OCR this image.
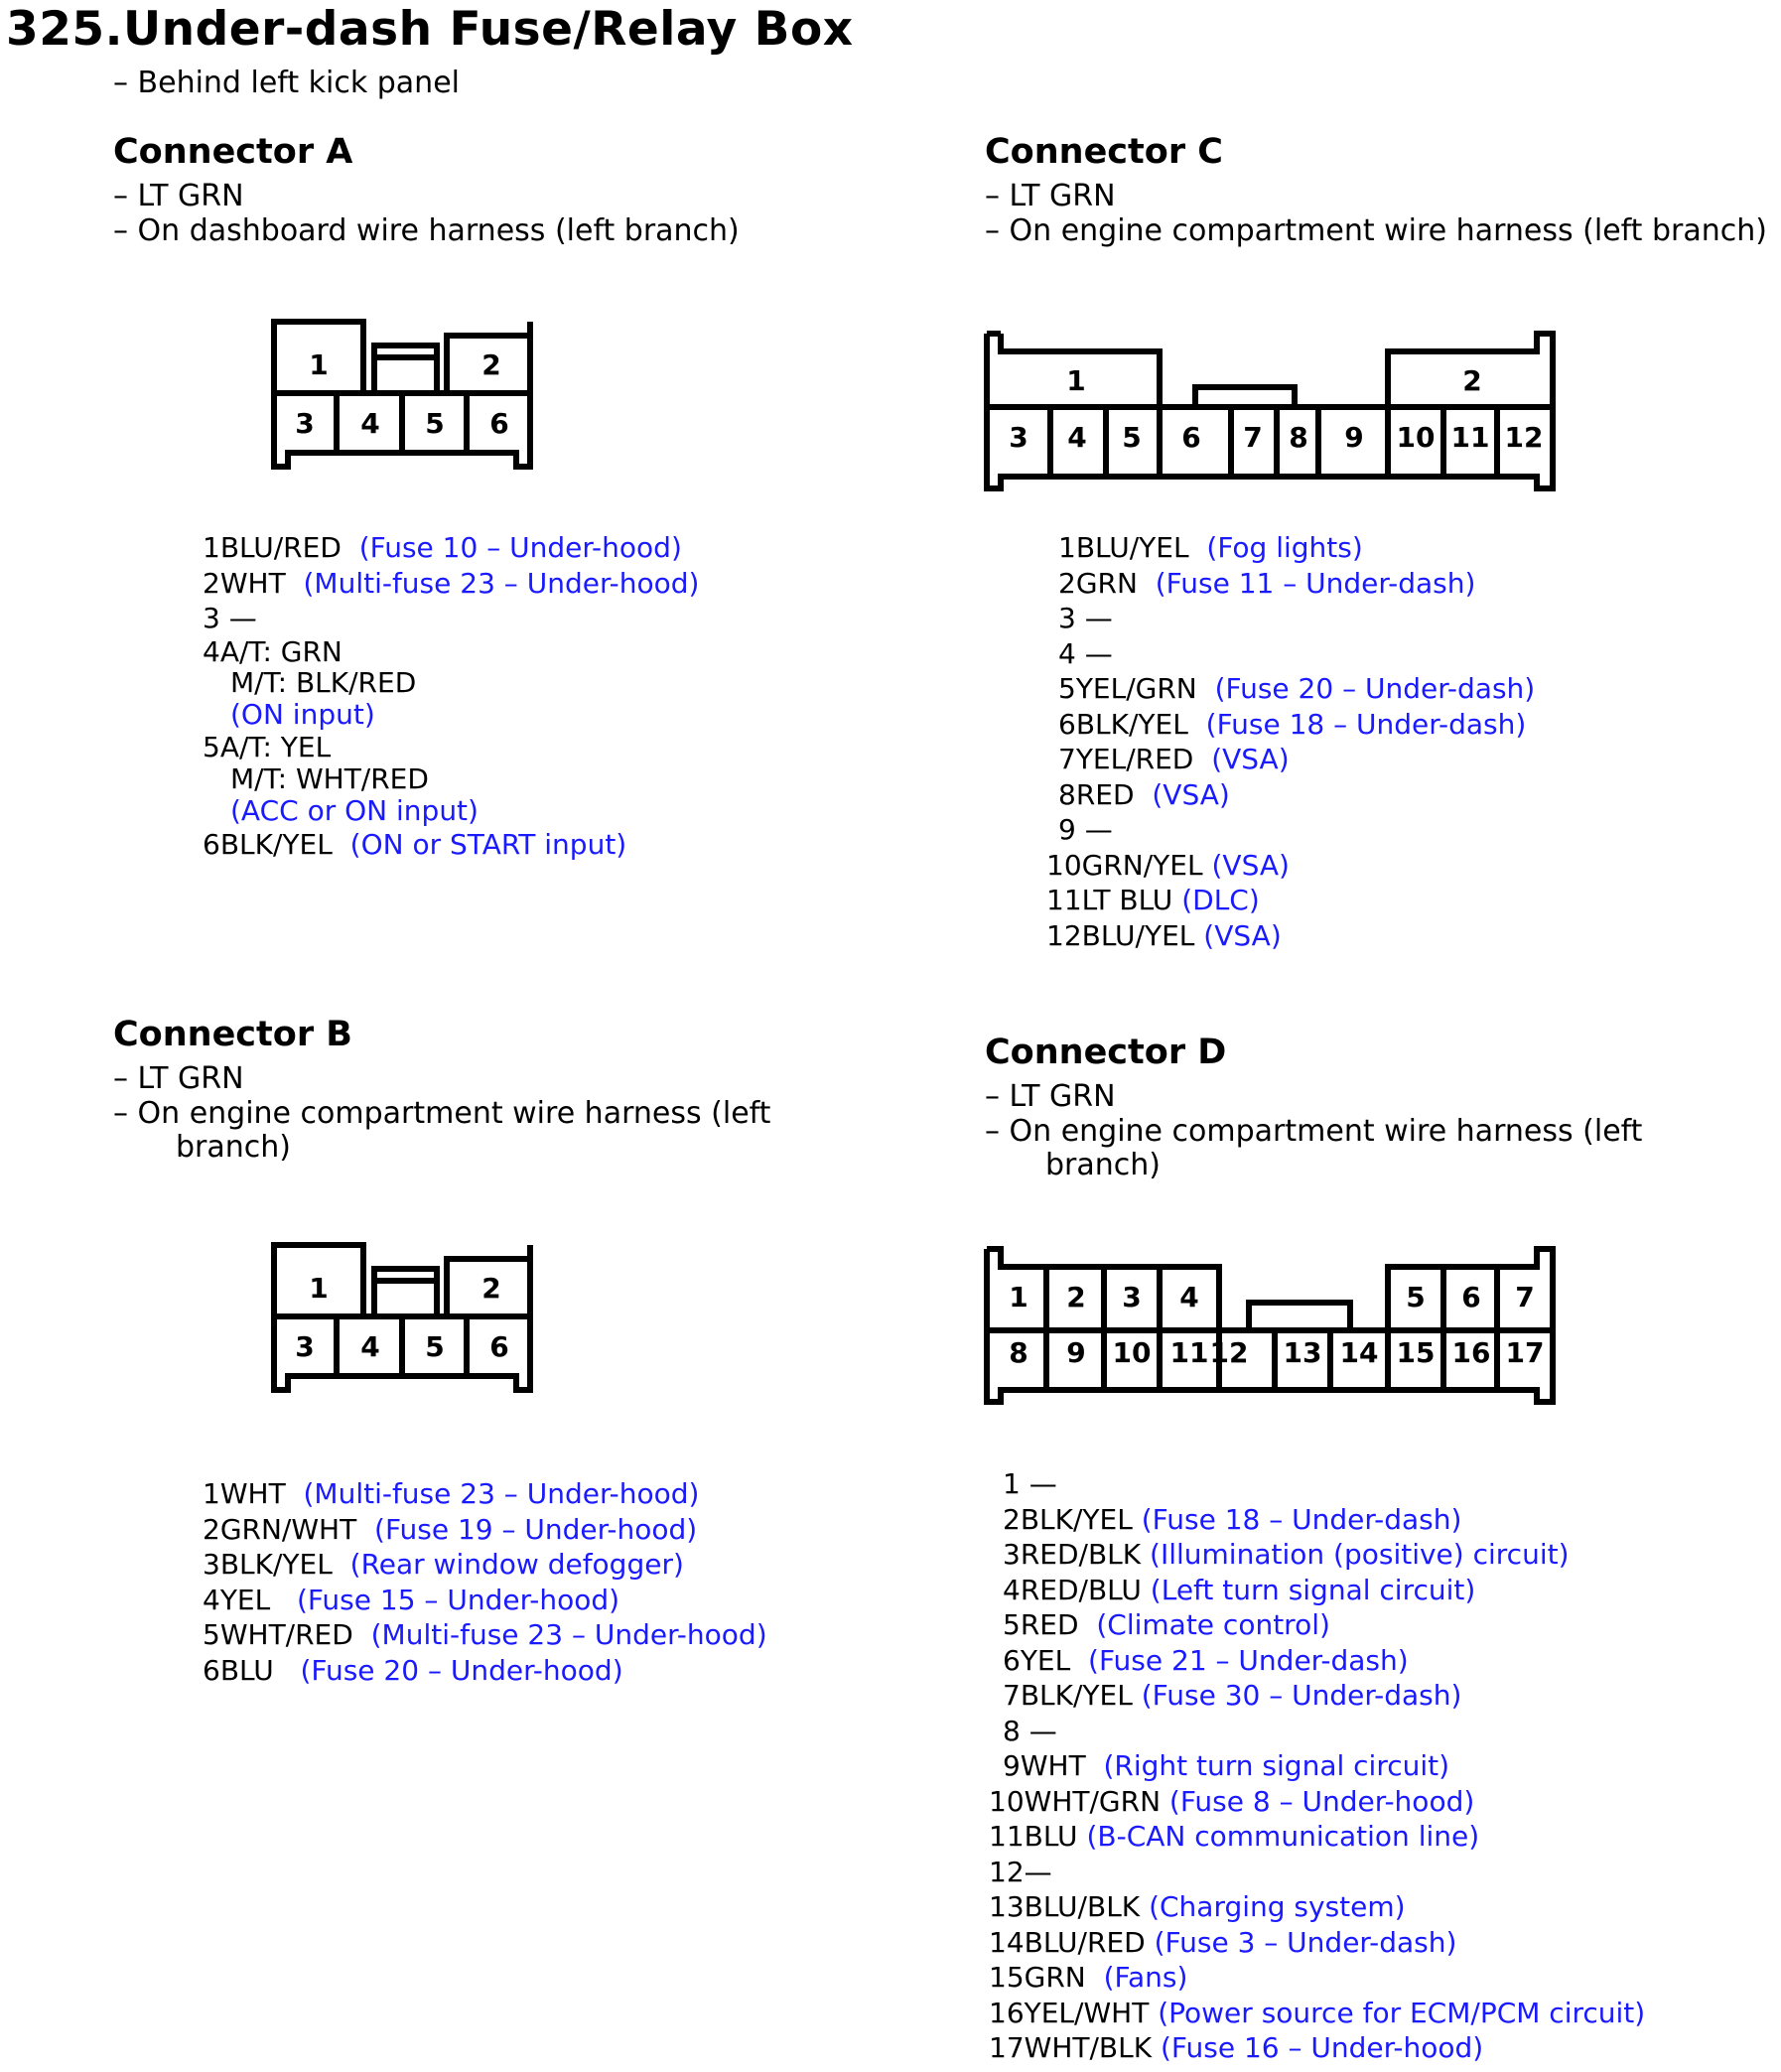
325.Under-dash Fuse/Relay Box
– Behind left kick panel
Connector A
– LT GRN
– On dashboard wire harness (left branch)
1	2
3 4 5 6
1BLU/RED (Fuse 10 – Under-hood)
2WHT (Multi-fuse 23 – Under-hood)
3 —
4A/T: GRN
M/T: BLK/RED
(ON input)
5A/T: YEL
M/T: WHT/RED
(ACC or ON input)
6BLK/YEL (ON or START input)
Connector C
– LT GRN
– On engine compartment wire harness (left branch)
1	2
3 4 5 6 7 8 9 10 11 12
1BLU/YEL (Fog lights)
2GRN (Fuse 11 – Under-dash)
3 —
4 —
5YEL/GRN (Fuse 20 – Under-dash)
6BLK/YEL (Fuse 18 – Under-dash)
7YEL/RED (VSA)
8RED (VSA)
9 —
10GRN/YEL (VSA)
11LT BLU (DLC)
12BLU/YEL (VSA)
Connector B
– LT GRN
– On engine compartment wire harness (left
branch)
1	2
3 4 5 6
1WHT (Multi-fuse 23 – Under-hood)
2GRN/WHT (Fuse 19 – Under-hood)
3BLK/YEL (Rear window defogger)
4YEL (Fuse 15 – Under-hood)
5WHT/RED (Multi-fuse 23 – Under-hood)
6BLU (Fuse 20 – Under-hood)
Connector D
– LT GRN
– On engine compartment wire harness (left
branch)
1 2 3 4	5 6 7
8 9 10 11 12 13 14 15 16 17
1 —
2BLK/YEL (Fuse 18 – Under-dash)
3RED/BLK (Illumination (positive) circuit)
4RED/BLU (Left turn signal circuit)
5RED (Climate control)
6YEL (Fuse 21 – Under-dash)
7BLK/YEL (Fuse 30 – Under-dash)
8 —
9WHT (Right turn signal circuit)
10WHT/GRN (Fuse 8 – Under-hood)
11BLU (B-CAN communication line)
12—
13BLU/BLK (Charging system)
14BLU/RED (Fuse 3 – Under-dash)
15GRN (Fans)
16YEL/WHT (Power source for ECM/PCM circuit)
17WHT/BLK (Fuse 16 – Under-hood)
